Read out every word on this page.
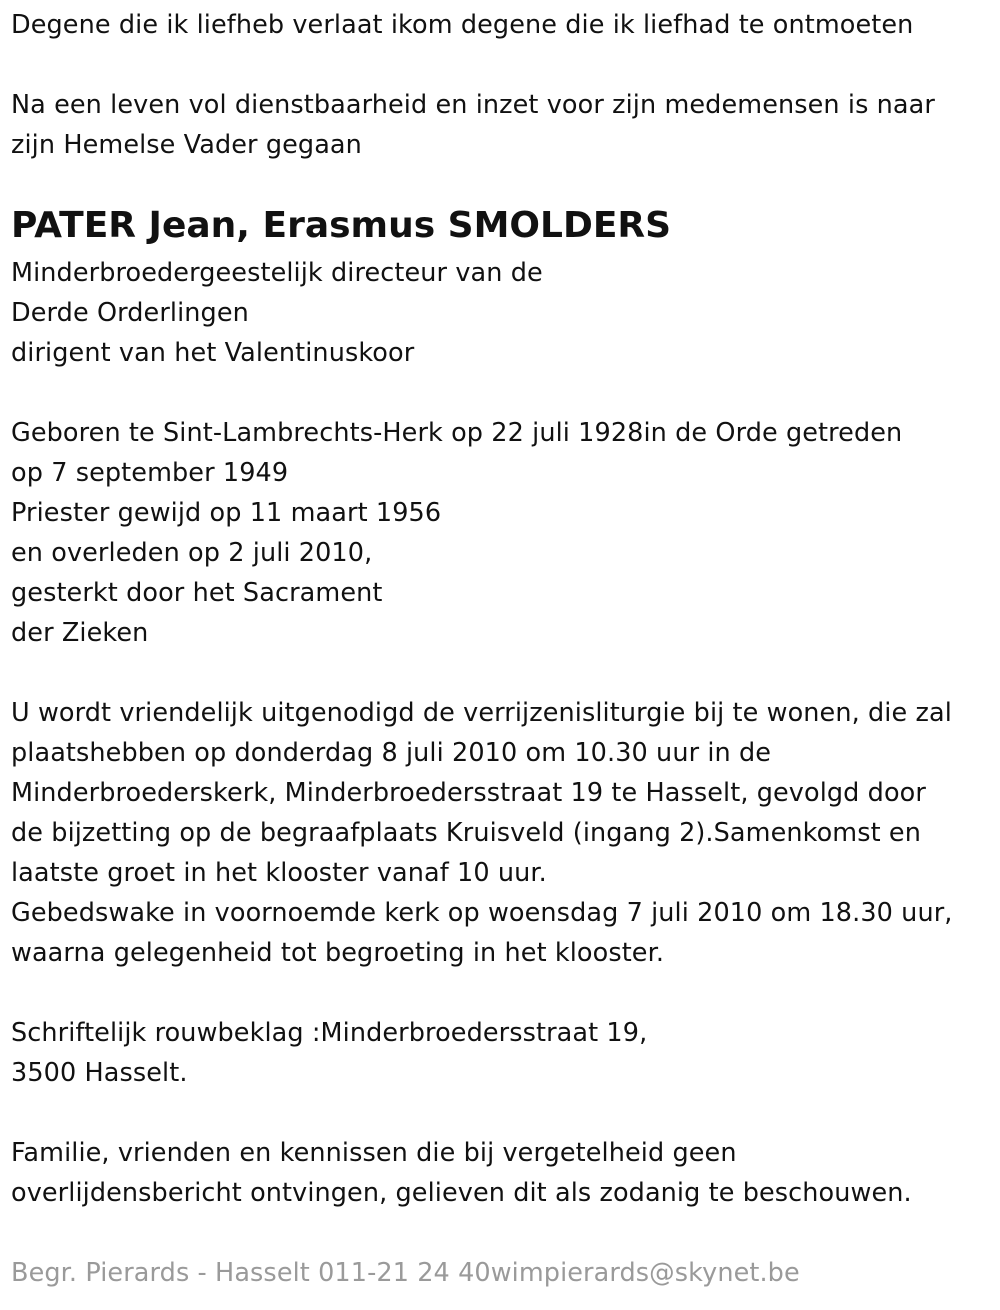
Degene die ik liefheb verlaat ikom degene die ik liefhad te ontmoeten
Na een leven vol dienstbaarheid en inzet voor zijn medemensen is naar
zijn Hemelse Vader gegaan
PATER Jean, Erasmus SMOLDERS
Minderbroedergeestelijk directeur van de
Derde Orderlingen
dirigent van het Valentinuskoor
Geboren te Sint-Lambrechts-Herk op 22 juli 1928in de Orde getreden
op 7 september 1949
Priester gewijd op 11 maart 1956
en overleden op 2 juli 2010,
gesterkt door het Sacrament
der Zieken
U wordt vriendelijk uitgenodigd de verrijzenisliturgie bij te wonen, die zal
plaatshebben op donderdag 8 juli 2010 om 10.30 uur in de
Minderbroederskerk, Minderbroedersstraat 19 te Hasselt, gevolgd door
de bijzetting op de begraafplaats Kruisveld (ingang 2).Samenkomst en
laatste groet in het klooster vanaf 10 uur.
Gebedswake in voornoemde kerk op woensdag 7 juli 2010 om 18.30 uur,
waarna gelegenheid tot begroeting in het klooster.
Schriftelijk rouwbeklag :Minderbroedersstraat 19,
3500 Hasselt.
Familie, vrienden en kennissen die bij vergetelheid geen
overlijdensbericht ontvingen, gelieven dit als zodanig te beschouwen.
Begr. Pierards - Hasselt 011-21 24 40wimpierards@skynet.be
